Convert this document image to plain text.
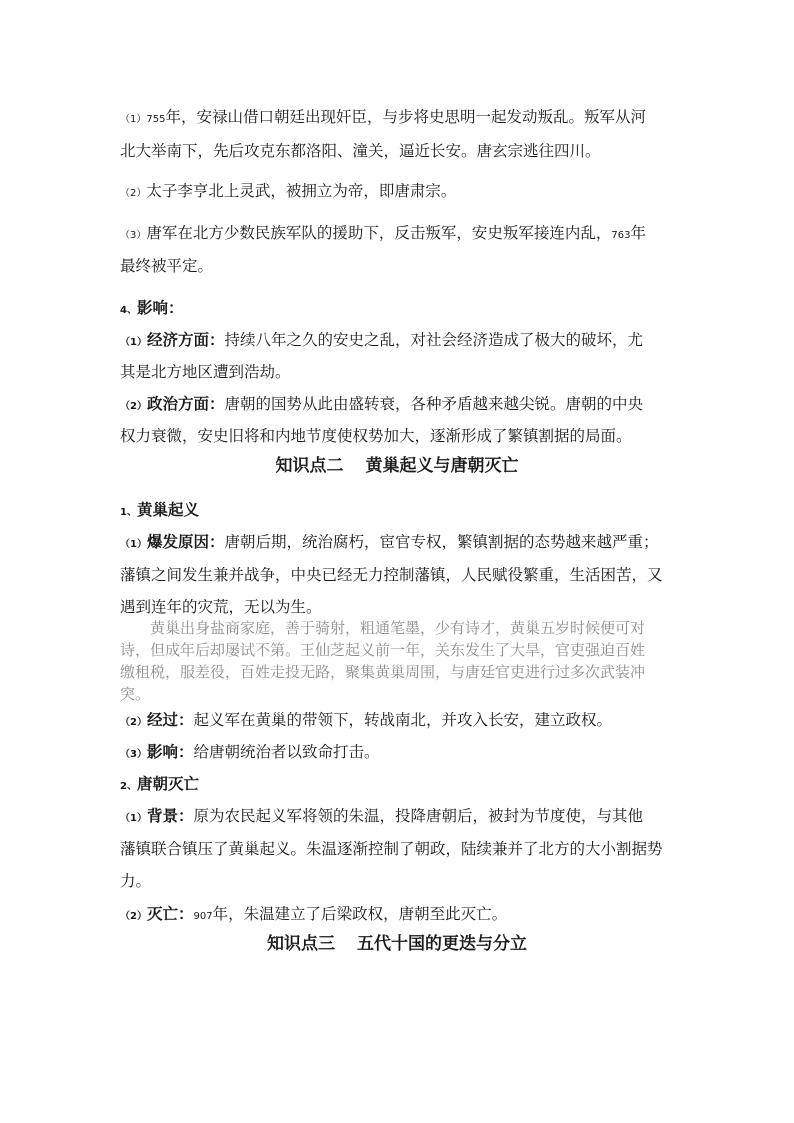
（1）755年，安禄山借口朝廷出现奸臣，与步将史思明一起发动叛乱。叛军从河
北大举南下，先后攻克东都洛阳、潼关，逼近长安。唐玄宗逃往四川。
（2）太子李亨北上灵武，被拥立为帝，即唐肃宗。
（3）唐军在北方少数民族军队的援助下，反击叛军，安史叛军接连内乱，763年
最终被平定。
4、影响：
（1）经济方面：持续八年之久的安史之乱，对社会经济造成了极大的破坏，尤
其是北方地区遭到浩劫。
（2）政治方面：唐朝的国势从此由盛转衰，各种矛盾越来越尖锐。唐朝的中央
权力衰微，安史旧将和内地节度使权势加大，逐渐形成了繁镇割据的局面。
知识点二 黄巢起义与唐朝灭亡
1、黄巢起义
（1）爆发原因：唐朝后期，统治腐朽，宦官专权，繁镇割据的态势越来越严重；
藩镇之间发生兼并战争，中央已经无力控制藩镇，人民赋役繁重，生活困苦，又
遇到连年的灾荒，无以为生。
　　黄巢出身盐商家庭，善于骑射，粗通笔墨，少有诗才，黄巢五岁时候便可对
诗，但成年后却屡试不第。王仙芝起义前一年，关东发生了大旱，官吏强迫百姓
缴租税，服差役，百姓走投无路，聚集黄巢周围，与唐廷官吏进行过多次武装冲
突。
（2）经过：起义军在黄巢的带领下，转战南北，并攻入长安，建立政权。
（3）影响：给唐朝统治者以致命打击。
2、唐朝灭亡
（1）背景：原为农民起义军将领的朱温，投降唐朝后，被封为节度使，与其他
藩镇联合镇压了黄巢起义。朱温逐渐控制了朝政，陆续兼并了北方的大小割据势
力。
（2）灭亡：907年，朱温建立了后梁政权，唐朝至此灭亡。
知识点三 五代十国的更迭与分立
